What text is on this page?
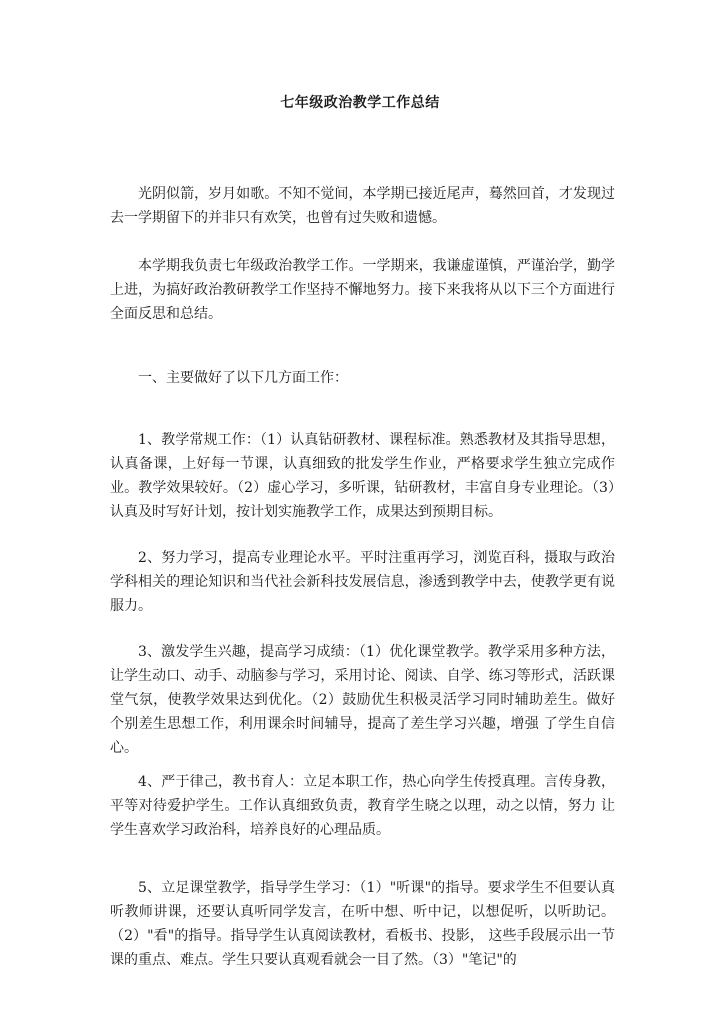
七年级政治教学工作总结

光阴似箭，岁月如歌。不知不觉间，本学期已接近尾声，蓦然回首，才发现过去一学期留下的并非只有欢笑，也曾有过失败和遗憾。

本学期我负责七年级政治教学工作。一学期来，我谦虚谨慎，严谨治学，勤学上进，为搞好政治教研教学工作坚持不懈地努力。接下来我将从以下三个方面进行全面反思和总结。

一、主要做好了以下几方面工作：

1、教学常规工作：（1）认真钻研教材、课程标准。熟悉教材及其指导思想，认真备课，上好每一节课，认真细致的批发学生作业，严格要求学生独立完成作业。教学效果较好。（2）虚心学习，多听课，钻研教材，丰富自身专业理论。（3）认真及时写好计划，按计划实施教学工作，成果达到预期目标。

2、努力学习，提高专业理论水平。平时注重再学习，浏览百科，摄取与政治学科相关的理论知识和当代社会新科技发展信息，渗透到教学中去，使教学更有说服力。

3、激发学生兴趣，提高学习成绩：（1）优化课堂教学。教学采用多种方法，让学生动口、动手、动脑参与学习，采用讨论、阅读、自学、练习等形式，活跃课堂气氛，使教学效果达到优化。（2）鼓励优生积极灵活学习同时辅助差生。做好个别差生思想工作，利用课余时间辅导，提高了差生学习兴趣，增强 了学生自信心。

4、严于律己，教书育人：立足本职工作，热心向学生传授真理。言传身教，平等对待爱护学生。工作认真细致负责，教育学生晓之以理，动之以情，努力 让学生喜欢学习政治科，培养良好的心理品质。

5、立足课堂教学，指导学生学习：（1）"听课"的指导。要求学生不但要认真听教师讲课，还要认真听同学发言，在听中想、听中记，以想促听，以听助记。（2）"看"的指导。指导学生认真阅读教材，看板书、投影， 这些手段展示出一节课的重点、难点。学生只要认真观看就会一目了然。（3）"笔记"的
